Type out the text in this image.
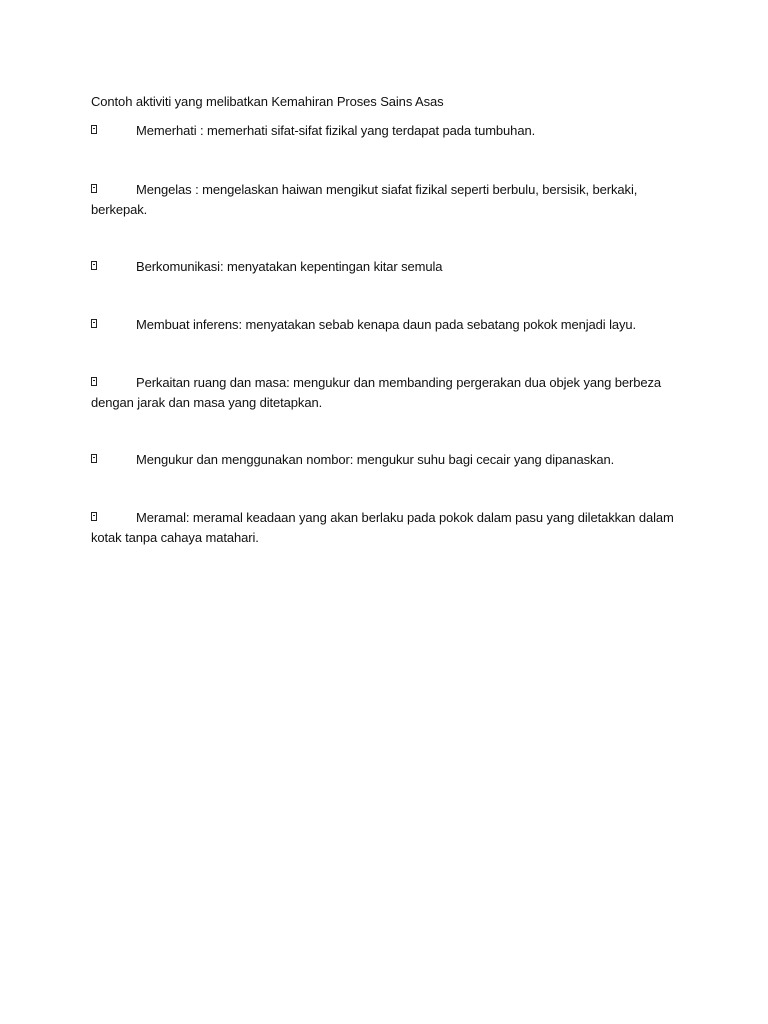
Contoh aktiviti yang melibatkan Kemahiran Proses Sains Asas
Memerhati : memerhati sifat-sifat fizikal yang terdapat pada tumbuhan.
Mengelas : mengelaskan haiwan mengikut siafat fizikal seperti berbulu, bersisik, berkaki, berkepak.
Berkomunikasi: menyatakan kepentingan kitar semula
Membuat inferens: menyatakan sebab kenapa daun pada sebatang pokok menjadi layu.
Perkaitan ruang dan masa: mengukur dan membanding pergerakan dua objek yang berbeza dengan jarak dan masa yang ditetapkan.
Mengukur dan menggunakan nombor: mengukur suhu bagi cecair yang dipanaskan.
Meramal: meramal keadaan yang akan berlaku pada pokok dalam pasu yang diletakkan dalam kotak tanpa cahaya matahari.
